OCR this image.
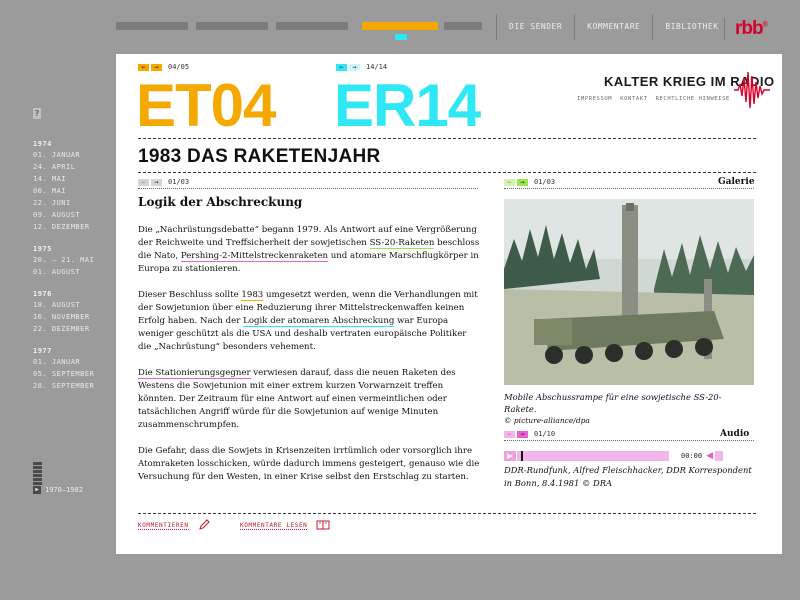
DIE SENDER	KOMMENTARE	BIBLIOTHEK rbb®
?
1974
01. JANUAR
24. APRIL
14. MAI
06. MAI
22. JUNI
09. AUGUST
12. DEZEMBER
1975
20. – 21. MAI
01. AUGUST
1976
18. AUGUST
16. NOVEMBER
22. DEZEMBER
1977
01. JANUAR
05. SEPTEMBER
28. SEPTEMBER
▶ 1970–1982
←	→	04/05
ET04
←	→	14/14
ER14	KALTER KRIEG IM RADIO
IMPRESSUM KONTAKT RECHTLICHE HINWEISE
1983 DAS RAKETENJAHR
←	→	01/03
Logik der Abschreckung

Die „Nachrüstungsdebatte“ begann 1979. Als Antwort auf eine Vergrößerung der Reichweite und Treffsicherheit der sowjetischen SS-20-Raketen beschloss die Nato, Pershing-2-Mittelstreckenraketen und atomare Marschflugkörper in Europa zu stationieren.

Dieser Beschluss sollte 1983 umgesetzt werden, wenn die Verhandlungen mit der Sowjetunion über eine Reduzierung ihrer Mittelstreckenwaffen keinen Erfolg haben. Nach der Logik der atomaren Abschreckung war Europa weniger geschützt als die USA und deshalb vertraten europäische Politiker die „Nachrüstung“ besonders vehement.

Die Stationierungsgegner verwiesen darauf, dass die neuen Raketen des Westens die Sowjetunion mit einer extrem kurzen Vorwarnzeit treffen könnten. Der Zeitraum für eine Antwort auf einen vermeintlichen oder tatsächlichen Angriff würde für die Sowjetunion auf wenige Minuten zusammenschrumpfen.

Die Gefahr, dass die Sowjets in Krisenzeiten irrtümlich oder vorsorglich ihre Atomraketen losschicken, würde dadurch immens gesteigert, genauso wie die Versuchung für den Westen, in einer Krise selbst den Erstschlag zu starten.

←	→	01/03	Galerie
Mobile Abschussrampe für eine sowjetische SS-20-Rakete.
© picture-alliance/dpa
←	→	01/10	Audio
▶	00:00 ◀
DDR-Rundfunk, Alfred Fleischhacker, DDR Korrespondent in Bonn, 8.4.1981 © DRA
KOMMENTIEREN	KOMMENTARE LESEN
